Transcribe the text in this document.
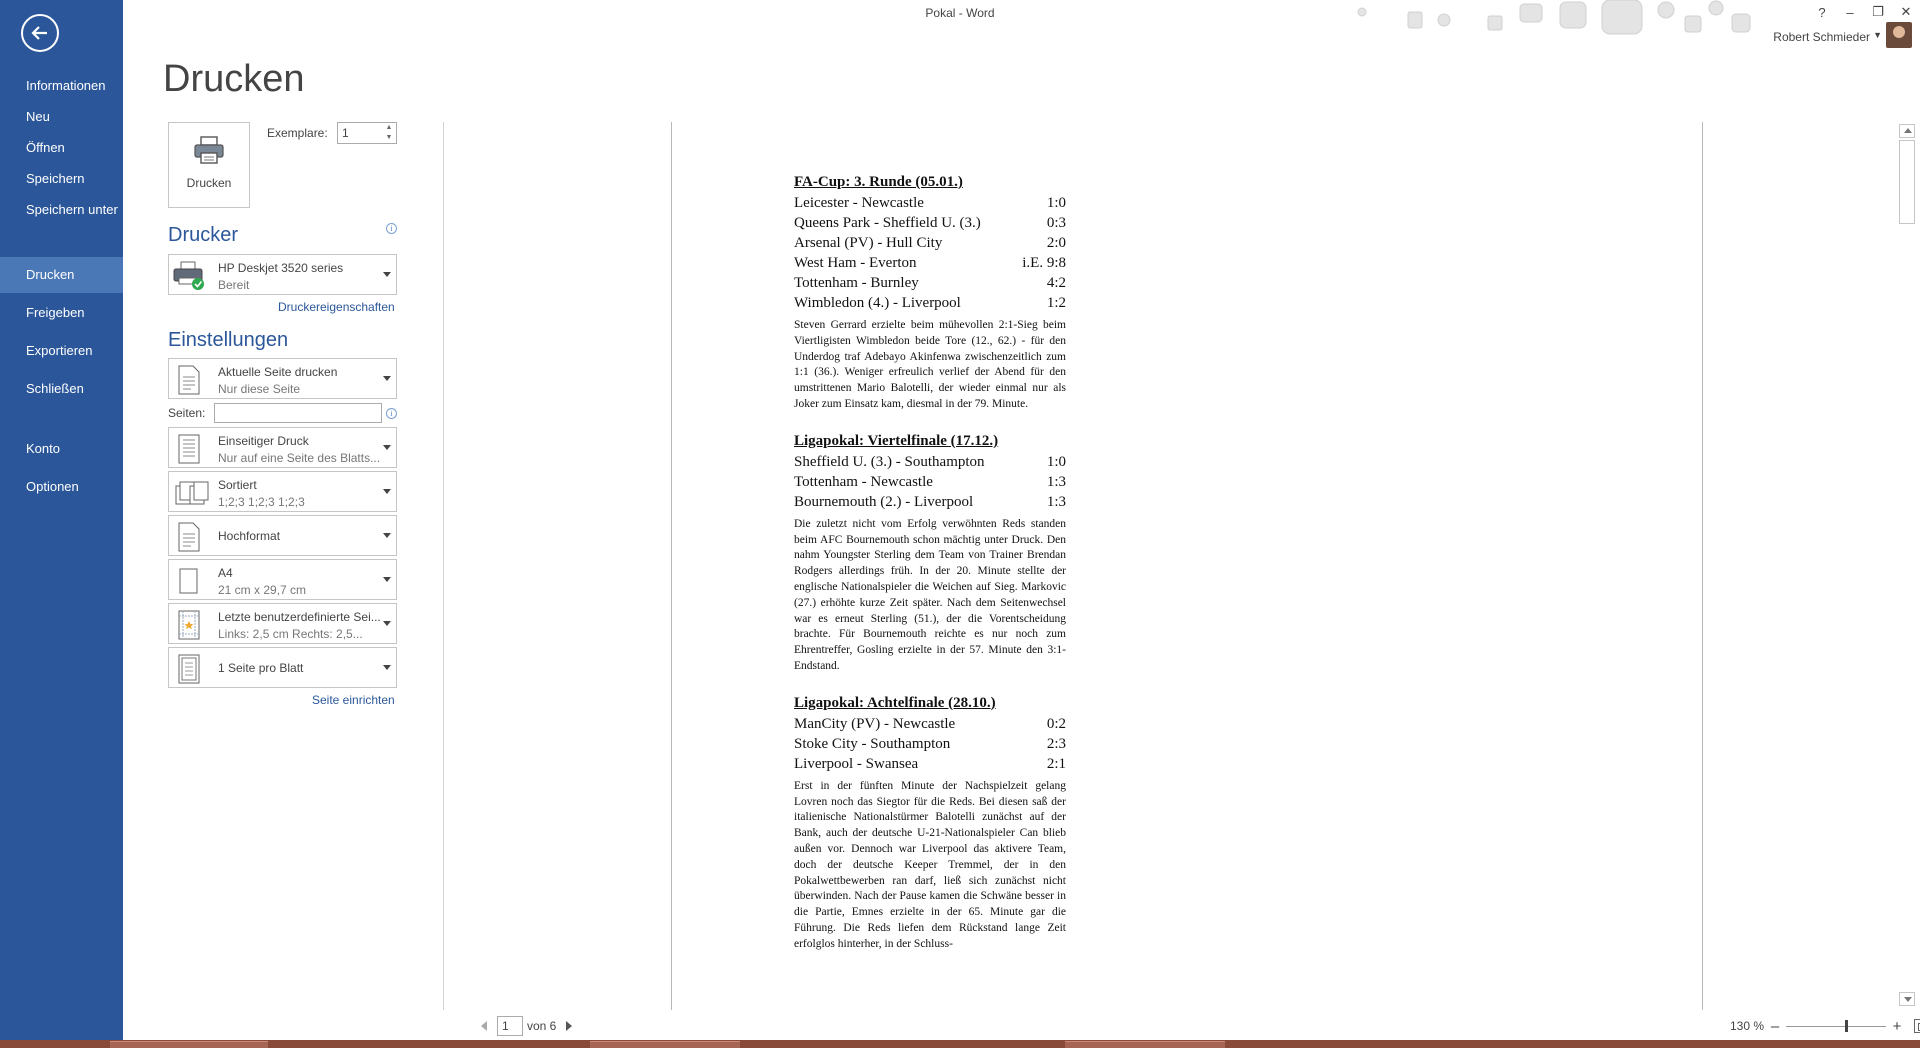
Informationen
Neu
Öffnen
Speichern
Speichern unter
Drucken
Freigeben
Exportieren
Schließen
Konto
Optionen
Pokal - Word	?	–	❐	✕
Robert Schmieder ▼
Drucken
Drucken
Exemplare:
1	▲
▼
Drucker	i
HP Deskjet 3520 series
Bereit
Druckereigenschaften
Einstellungen
Aktuelle Seite drucken
Nur diese Seite
Seiten:	i
Einseitiger Druck
Nur auf eine Seite des Blatts...
Sortiert
1;2;3 1;2;3 1;2;3
Hochformat
A4
21 cm x 29,7 cm
Letzte benutzerdefinierte Sei...
Links: 2,5 cm Rechts: 2,5...
1 Seite pro Blatt
Seite einrichten
FA-Cup: 3. Runde (05.01.)
Leicester - Newcastle	1:0
Queens Park - Sheffield U. (3.)	0:3
Arsenal (PV) - Hull City	2:0
West Ham - Everton	i.E. 9:8
Tottenham - Burnley	4:2
Wimbledon (4.) - Liverpool	1:2
Steven Gerrard erzielte beim mühevollen 2:1-Sieg beim Viertligisten Wimbledon beide Tore (12., 62.) - für den Underdog traf Adebayo Akinfenwa zwischenzeitlich zum 1:1 (36.). Weniger erfreulich verlief der Abend für den umstrittenen Mario Balotelli, der wieder einmal nur als Joker zum Einsatz kam, diesmal in der 79. Minute.
Ligapokal: Viertelfinale (17.12.)
Sheffield U. (3.) - Southampton	1:0
Tottenham - Newcastle	1:3
Bournemouth (2.) - Liverpool	1:3
Die zuletzt nicht vom Erfolg verwöhnten Reds standen beim AFC Bournemouth schon mächtig unter Druck. Den nahm Youngster Sterling dem Team von Trainer Brendan Rodgers allerdings früh. In der 20. Minute stellte der englische Nationalspieler die Weichen auf Sieg. Markovic (27.) erhöhte kurze Zeit später. Nach dem Seitenwechsel war es erneut Sterling (51.), der die Vorentscheidung brachte. Für Bournemouth reichte es nur noch zum Ehrentreffer, Gosling erzielte in der 57. Minute den 3:1-Endstand.
Ligapokal: Achtelfinale (28.10.)
ManCity (PV) - Newcastle	0:2
Stoke City - Southampton	2:3
Liverpool - Swansea	2:1
Erst in der fünften Minute der Nachspielzeit gelang Lovren noch das Siegtor für die Reds. Bei diesen saß der italienische Nationalstürmer Balotelli zunächst auf der Bank, auch der deutsche U-21-Nationalspieler Can blieb außen vor. Dennoch war Liverpool das aktivere Team, doch der deutsche Keeper Tremmel, der in den Pokalwettbewerben ran darf, ließ sich zunächst nicht überwinden. Nach der Pause kamen die Schwäne besser in die Partie, Emnes erzielte in der 65. Minute gar die Führung. Die Reds liefen dem Rückstand lange Zeit erfolglos hinterher, in der Schluss-
1
von 6	130 % –	+
